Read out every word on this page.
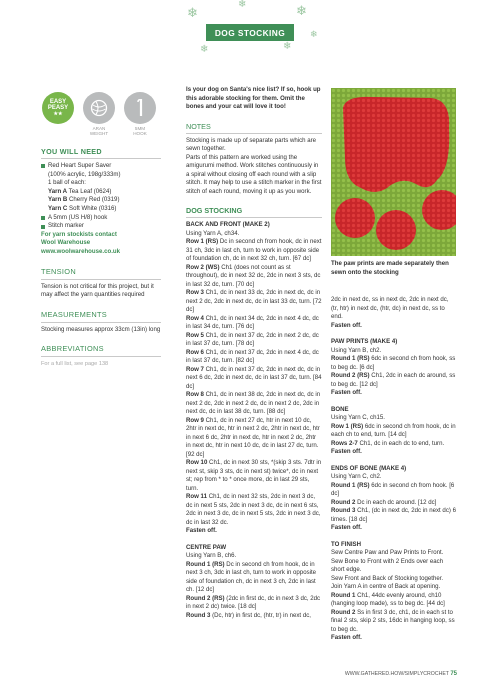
❄
❄	❄
❄	❄
❄
DOG STOCKING
EASY
PEASY
★★
ARAN
WEIGHT
5MM
HOOK

YOU WILL NEED

Red Heart Super Saver

(100% acrylic, 198g/333m)

1 ball of each:

Yarn A Tea Leaf (0624)

Yarn B Cherry Red (0319)

Yarn C Soft White (0316)

A 5mm (US H/8) hook
Stitch marker

For yarn stockists contact

Wool Warehouse

www.woolwarehouse.co.uk

TENSION

Tension is not critical for this project, but it may affect the yarn quantities required

MEASUREMENTS

Stocking measures approx 33cm (13in) long

ABBREVIATIONS

For a full list, see page 138

Is your dog on Santa's nice list? If so, hook up this adorable stocking for them. Omit the bones and your cat will love it too!

NOTES

Stocking is made up of separate parts which are sewn together.

Parts of this pattern are worked using the amigurumi method. Work stitches continuously in a spiral without closing off each round with a slip stitch. It may help to use a stitch marker in the first stitch of each round, moving it up as you work.

DOG STOCKING

BACK AND FRONT (MAKE 2)

Using Yarn A, ch34.

Row 1 (RS) Dc in second ch from hook, dc in next 31 ch, 3dc in last ch, turn to work in opposite side of foundation ch, dc in next 32 ch, turn. [67 dc]

Row 2 (WS) Ch1 (does not count as st throughout), dc in next 32 dc, 2dc in next 3 sts, dc in last 32 dc, turn. [70 dc]

Row 3 Ch1, dc in next 33 dc, 2dc in next dc, dc in next 2 dc, 2dc in next dc, dc in last 33 dc, turn. [72 dc]

Row 4 Ch1, dc in next 34 dc, 2dc in next 4 dc, dc in last 34 dc, turn. [76 dc]

Row 5 Ch1, dc in next 37 dc, 2dc in next 2 dc, dc in last 37 dc, turn. [78 dc]

Row 6 Ch1, dc in next 37 dc, 2dc in next 4 dc, dc in last 37 dc, turn. [82 dc]

Row 7 Ch1, dc in next 37 dc, 2dc in next dc, dc in next 6 dc, 2dc in next dc, dc in last 37 dc, turn. [84 dc]

Row 8 Ch1, dc in next 38 dc, 2dc in next dc, dc in next 2 dc, 2dc in next 2 dc, dc in next 2 dc, 2dc in next dc, dc in last 38 dc, turn. [88 dc]

Row 9 Ch1, dc in next 27 dc, htr in next 10 dc, 2htr in next dc, htr in next 2 dc, 2htr in next dc, htr in next 6 dc, 2htr in next dc, htr in next 2 dc, 2htr in next dc, htr in next 10 dc, dc in last 27 dc, turn. [92 dc]

Row 10 Ch1, dc in next 30 sts, *(skip 3 sts. 7dtr in next st, skip 3 sts, dc in next st) twice*, dc in next st; rep from * to * once more, dc in last 29 sts, turn.

Row 11 Ch1, dc in next 32 sts, 2dc in next 3 dc, dc in next 5 sts, 2dc in next 3 dc, dc in next 6 sts, 2dc in next 3 dc, dc in next 5 sts, 2dc in next 3 dc, dc in last 32 dc.

Fasten off.

CENTRE PAW

Using Yarn B, ch6.

Round 1 (RS) Dc in second ch from hook, dc in next 3 ch, 3dc in last ch, turn to work in opposite side of foundation ch, dc in next 3 ch, 2dc in last ch. [12 dc]

Round 2 (RS) (2dc in first dc, dc in next 3 dc, 2dc in next 2 dc) twice. [18 dc]

Round 3 (Dc, htr) in first dc, (htr, tr) in next dc,

The paw prints are made separately then sewn onto the stocking

2dc in next dc, ss in next dc, 2dc in next dc, (tr, htr) in next dc, (htr, dc) in next dc, ss to end.

Fasten off.

PAW PRINTS (MAKE 4)

Using Yarn B, ch2.

Round 1 (RS) 6dc in second ch from hook, ss to beg dc. [6 dc]

Round 2 (RS) Ch1, 2dc in each dc around, ss to beg dc. [12 dc]

Fasten off.

BONE

Using Yarn C, ch15.

Row 1 (RS) 6dc in second ch from hook, dc in each ch to end, turn. [14 dc]

Rows 2-7 Ch1, dc in each dc to end, turn.

Fasten off.

ENDS OF BONE (MAKE 4)

Using Yarn C, ch2.

Round 1 (RS) 6dc in second ch from hook. [6 dc]

Round 2 Dc in each dc around. [12 dc]

Round 3 Ch1, (dc in next dc, 2dc in next dc) 6 times. [18 dc]

Fasten off.

TO FINISH

Sew Centre Paw and Paw Prints to Front.

Sew Bone to Front with 2 Ends over each short edge.

Sew Front and Back of Stocking together.

Join Yarn A in centre of Back at opening.

Round 1 Ch1, 44dc evenly around, ch10 (hanging loop made), ss to beg dc. [44 dc]

Round 2 Ss in first 3 dc, ch1, dc in each st to final 2 sts, skip 2 sts, 16dc in hanging loop, ss to beg dc.

Fasten off.

WWW.GATHERED.HOW/SIMPLYCROCHET 75
